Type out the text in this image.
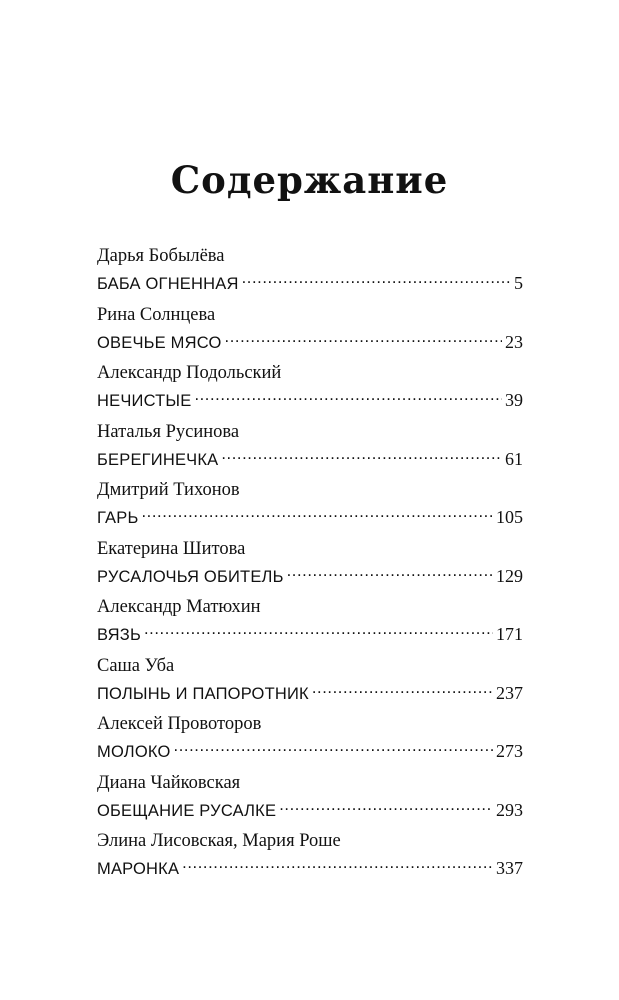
Содержание
Дарья Бобылёва
БАБА ОГНЕННАЯ .....	5
Рина Солнцева
ОВЕЧЬЕ МЯСО .....	23
Александр Подольский
НЕЧИСТЫЕ .....	39
Наталья Русинова
БЕРЕГИНЕЧКА .....	61
Дмитрий Тихонов
ГАРЬ .....	105
Екатерина Шитова
РУСАЛОЧЬЯ ОБИТЕЛЬ .....	129
Александр Матюхин
ВЯЗЬ .....	171
Саша Уба
ПОЛЫНЬ И ПАПОРОТНИК .....	237
Алексей Провоторов
МОЛОКО .....	273
Диана Чайковская
ОБЕЩАНИЕ РУСАЛКЕ .....	293
Элина Лисовская, Мария Роше
МАРОНКА .....	337
